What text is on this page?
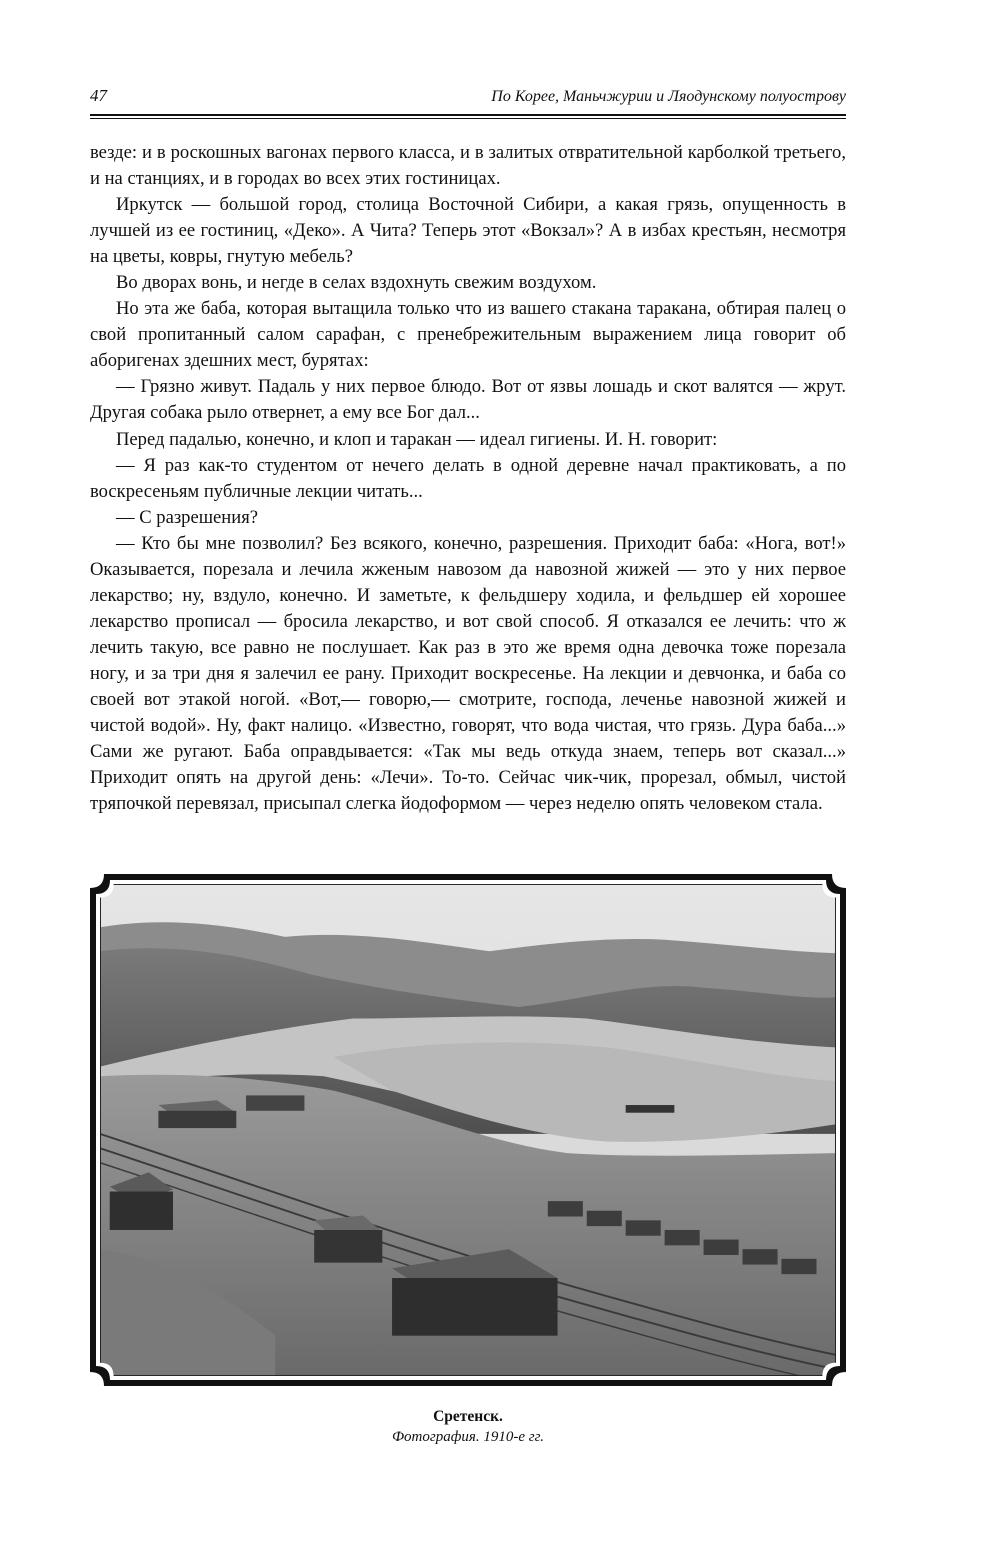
47	По Корее, Маньчжурии и Ляодунскому полуострову

везде: и в роскошных вагонах первого класса, и в залитых отвратительной карболкой третьего, и на станциях, и в городах во всех этих гостиницах.

Иркутск — большой город, столица Восточной Сибири, а какая грязь, опущенность в лучшей из ее гостиниц, «Деко». А Чита? Теперь этот «Вокзал»? А в избах крестьян, несмотря на цветы, ковры, гнутую мебель?

Во дворах вонь, и негде в селах вздохнуть свежим воздухом.

Но эта же баба, которая вытащила только что из вашего стакана таракана, обтирая палец о свой пропитанный салом сарафан, с пренебрежительным выражением лица говорит об аборигенах здешних мест, бурятах:

— Грязно живут. Падаль у них первое блюдо. Вот от язвы лошадь и скот валятся — жрут. Другая собака рыло отвернет, а ему все Бог дал...

Перед падалью, конечно, и клоп и таракан — идеал гигиены. И. Н. говорит:

— Я раз как-то студентом от нечего делать в одной деревне начал практиковать, а по воскресеньям публичные лекции читать...

— С разрешения?

— Кто бы мне позволил? Без всякого, конечно, разрешения. Приходит баба: «Нога, вот!» Оказывается, порезала и лечила жженым навозом да навозной жижей — это у них первое лекарство; ну, вздуло, конечно. И заметьте, к фельдшеру ходила, и фельдшер ей хорошее лекарство прописал — бросила лекарство, и вот свой способ. Я отказался ее лечить: что ж лечить такую, все равно не послушает. Как раз в это же время одна девочка тоже порезала ногу, и за три дня я залечил ее рану. Приходит воскресенье. На лекции и девчонка, и баба со своей вот этакой ногой. «Вот,— говорю,— смотрите, господа, леченье навозной жижей и чистой водой». Ну, факт налицо. «Известно, говорят, что вода чистая, что грязь. Дура баба...» Сами же ругают. Баба оправдывается: «Так мы ведь откуда знаем, теперь вот сказал...» Приходит опять на другой день: «Лечи». То-то. Сейчас чик-чик, прорезал, обмыл, чистой тряпочкой перевязал, присыпал слегка йодоформом — через неделю опять человеком стала.

Сретенск.
Фотография. 1910-е гг.
